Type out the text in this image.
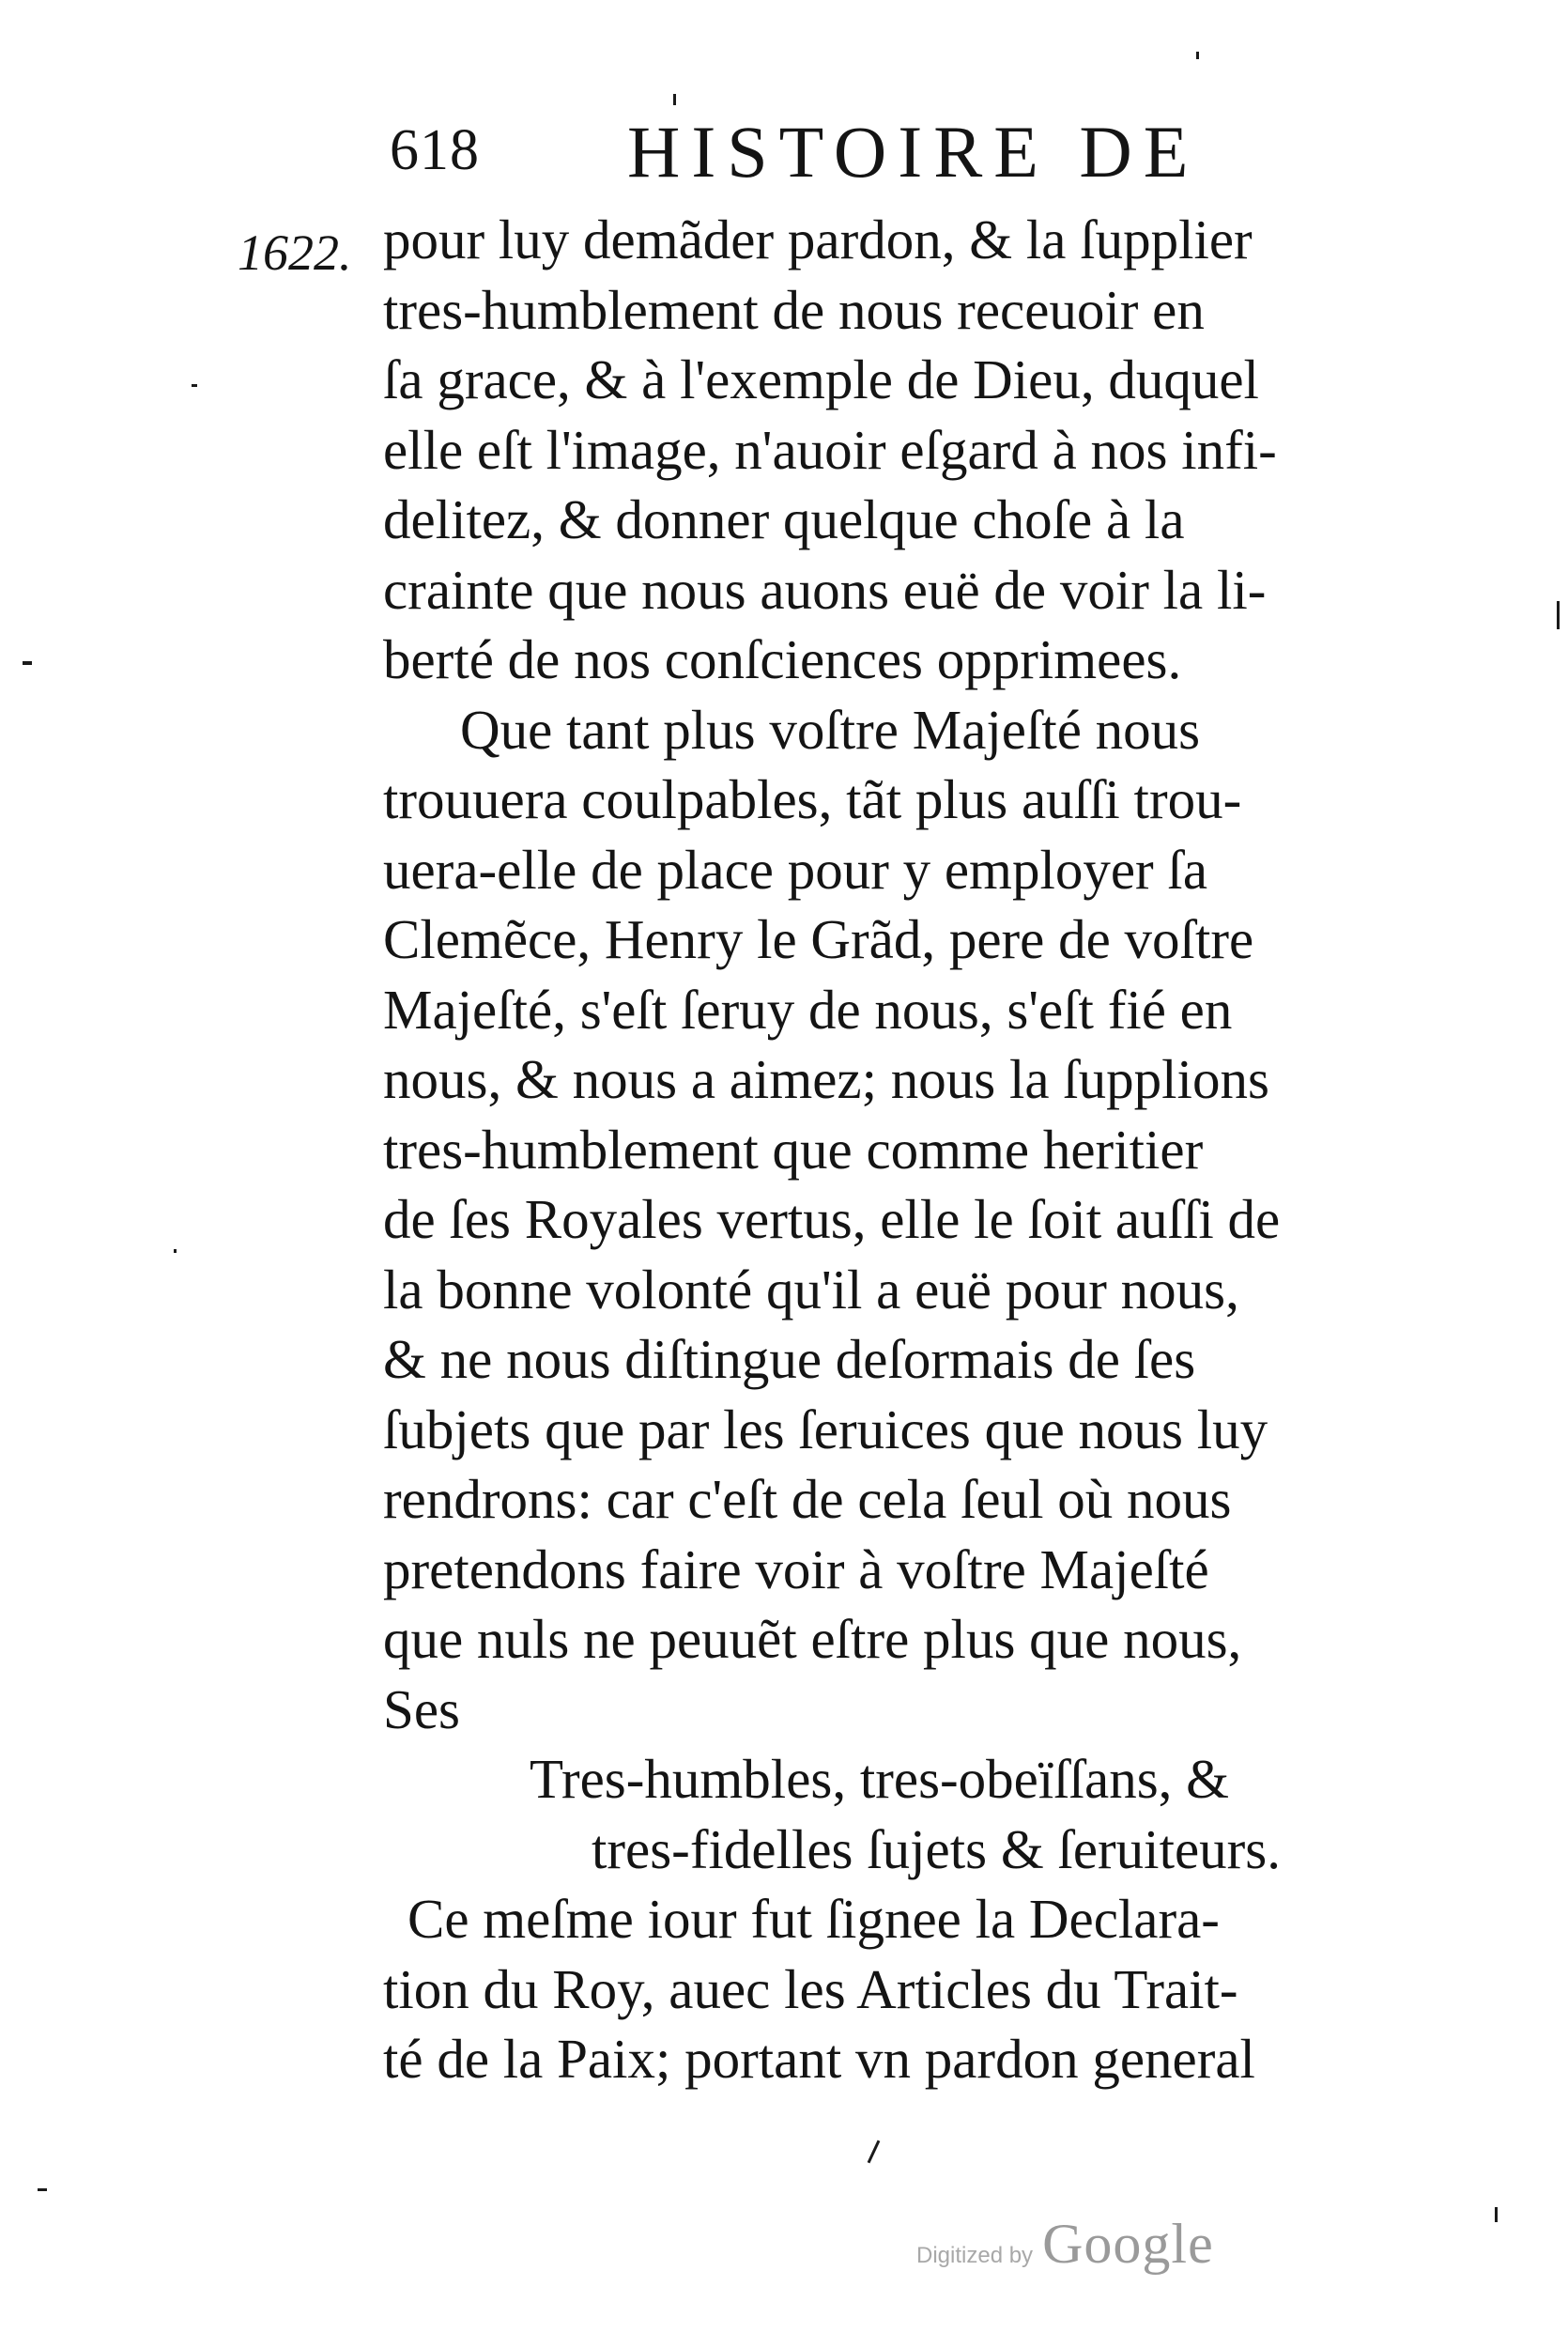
618 HISTOIRE DE
1622. pour luy demãder pardon, & la ſupplier
tres-humblement de nous receuoir en
ſa grace, & à l'exemple de Dieu, duquel
elle eſt l'image, n'auoir eſgard à nos infi-
delitez, & donner quelque choſe à la
crainte que nous auons euë de voir la li-
berté de nos conſciences opprimees.
Que tant plus voſtre Majeſté nous
trouuera coulpables, tãt plus auſſi trou-
uera-elle de place pour y employer ſa
Clemẽce, Henry le Grãd, pere de voſtre
Majeſté, s'eſt ſeruy de nous, s'eſt fié en
nous, & nous a aimez; nous la ſupplions
tres-humblement que comme heritier
de ſes Royales vertus, elle le ſoit auſſi de
la bonne volonté qu'il a euë pour nous,
& ne nous diſtingue deſormais de ſes
ſubjets que par les ſeruices que nous luy
rendrons: car c'eſt de cela ſeul où nous
pretendons faire voir à voſtre Majeſté
que nuls ne peuuẽt eſtre plus que nous,
Ses
Tres-humbles, tres-obeïſſans, &
tres-fidelles ſujets & ſeruiteurs.
Ce meſme iour fut ſignee la Declara-
tion du Roy, auec les Articles du Trait-
té de la Paix; portant vn pardon general
Digitized by Google
